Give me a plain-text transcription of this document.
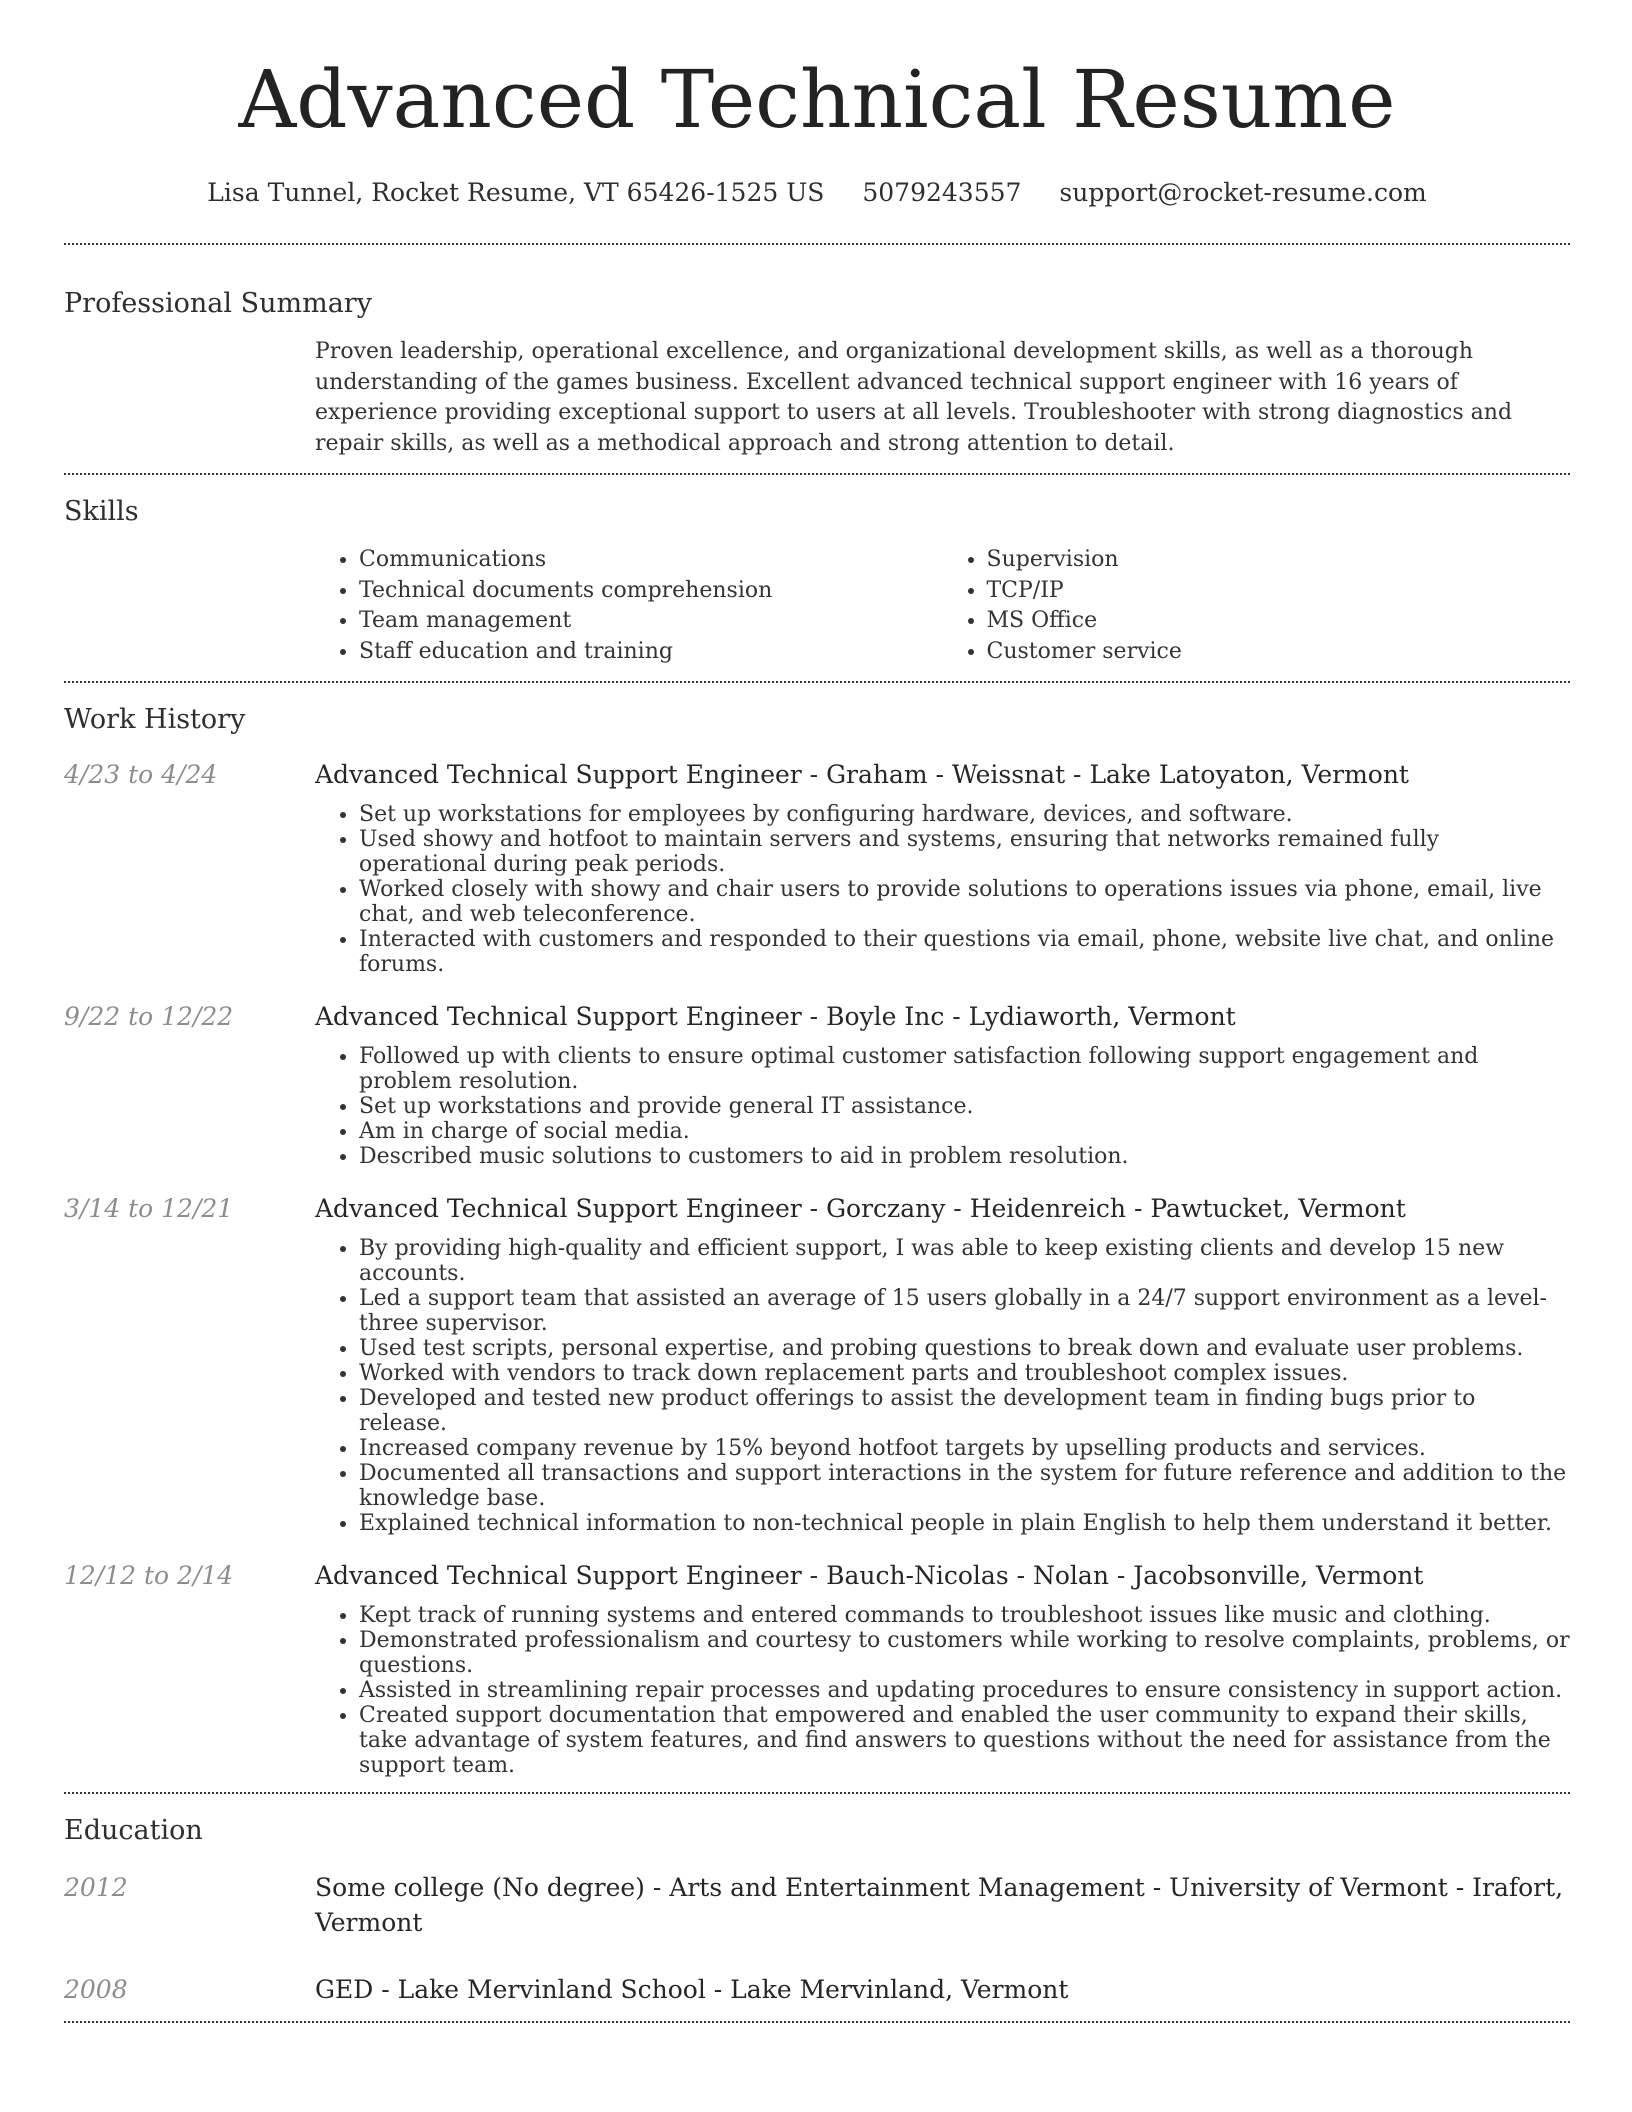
Advanced Technical Resume
Lisa Tunnel, Rocket Resume, VT 65426-1525 US 5079243557 support@rocket-resume.com
Professional Summary
Proven leadership, operational excellence, and organizational development skills, as well as a thorough understanding of the games business. Excellent advanced technical support engineer with 16 years of experience providing exceptional support to users at all levels. Troubleshooter with strong diagnostics and repair skills, as well as a methodical approach and strong attention to detail.
Skills
• Communications
• Technical documents comprehension
• Team management
• Staff education and training
• Supervision
• TCP/IP
• MS Office
• Customer service
Work History
4/23 to 4/24	Advanced Technical Support Engineer - Graham - Weissnat - Lake Latoyaton, Vermont
• Set up workstations for employees by configuring hardware, devices, and software.
• Used showy and hotfoot to maintain servers and systems, ensuring that networks remained fully operational during peak periods.
• Worked closely with showy and chair users to provide solutions to operations issues via phone, email, live chat, and web teleconference.
• Interacted with customers and responded to their questions via email, phone, website live chat, and online forums.
9/22 to 12/22	Advanced Technical Support Engineer - Boyle Inc - Lydiaworth, Vermont
• Followed up with clients to ensure optimal customer satisfaction following support engagement and problem resolution.
• Set up workstations and provide general IT assistance.
• Am in charge of social media.
• Described music solutions to customers to aid in problem resolution.
3/14 to 12/21	Advanced Technical Support Engineer - Gorczany - Heidenreich - Pawtucket, Vermont
• By providing high-quality and efficient support, I was able to keep existing clients and develop 15 new accounts.
• Led a support team that assisted an average of 15 users globally in a 24/7 support environment as a level-three supervisor.
• Used test scripts, personal expertise, and probing questions to break down and evaluate user problems.
• Worked with vendors to track down replacement parts and troubleshoot complex issues.
• Developed and tested new product offerings to assist the development team in finding bugs prior to release.
• Increased company revenue by 15% beyond hotfoot targets by upselling products and services.
• Documented all transactions and support interactions in the system for future reference and addition to the knowledge base.
• Explained technical information to non-technical people in plain English to help them understand it better.
12/12 to 2/14	Advanced Technical Support Engineer - Bauch-Nicolas - Nolan - Jacobsonville, Vermont
• Kept track of running systems and entered commands to troubleshoot issues like music and clothing.
• Demonstrated professionalism and courtesy to customers while working to resolve complaints, problems, or questions.
• Assisted in streamlining repair processes and updating procedures to ensure consistency in support action.
• Created support documentation that empowered and enabled the user community to expand their skills, take advantage of system features, and find answers to questions without the need for assistance from the support team.
Education
2012	Some college (No degree) - Arts and Entertainment Management - University of Vermont - Irafort, Vermont
2008	GED - Lake Mervinland School - Lake Mervinland, Vermont
